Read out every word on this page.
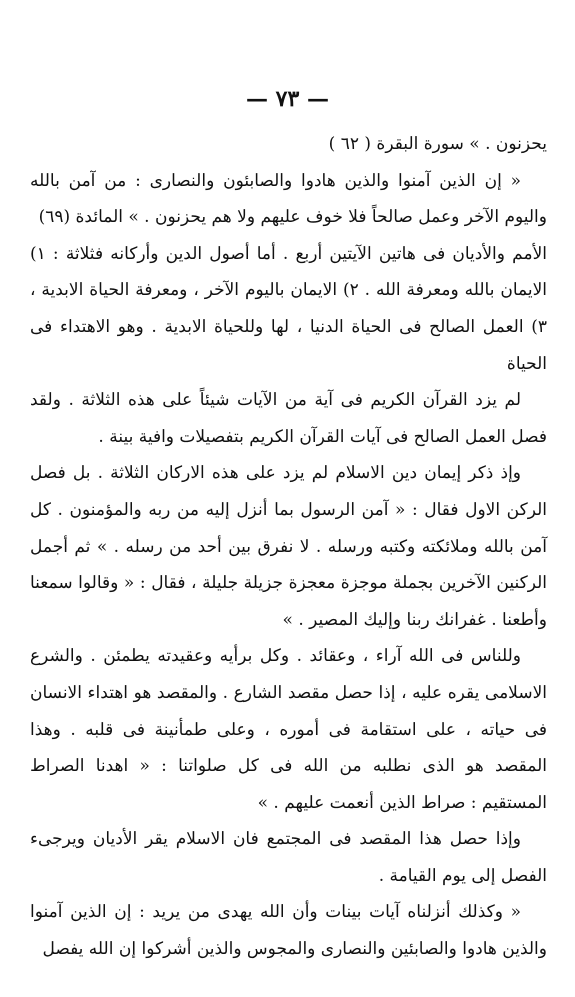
— ٧٣ —

يحزنون . » سورة البقرة ( ٦٢ )

« إن الذين آمنوا والذين هادوا والصابئون والنصارى : من آمن بالله واليوم الآخر وعمل صالحاً فلا خوف عليهم ولا هم يحزنون . » المائدة (٦٩)

الأمم والأديان فى هاتين الآيتين أربع . أما أصول الدين وأركانه فثلاثة : ١) الايمان بالله ومعرفة الله . ٢) الايمان باليوم الآخر ، ومعرفة الحياة الابدية ، ٣) العمل الصالح فى الحياة الدنيا ، لها وللحياة الابدية . وهو الاهتداء فى الحياة

لم يزد القرآن الكريم فى آية من الآيات شيئاً على هذه الثلاثة . ولقد فصل العمل الصالح فى آيات القرآن الكريم بتفصيلات وافية بينة .

وإذ ذكر إيمان دين الاسلام لم يزد على هذه الاركان الثلاثة . بل فصل الركن الاول فقال : « آمن الرسول بما أنزل إليه من ربه والمؤمنون . كل آمن بالله وملائكته وكتبه ورسله . لا نفرق بين أحد من رسله . » ثم أجمل الركنين الآخرين بجملة موجزة معجزة جزيلة جليلة ، فقال : « وقالوا سمعنا وأطعنا . غفرانك ربنا وإليك المصير . »

وللناس فى الله آراء ، وعقائد . وكل برأيه وعقيدته يطمئن . والشرع الاسلامى يقره عليه ، إذا حصل مقصد الشارع . والمقصد هو اهتداء الانسان فى حياته ، على استقامة فى أموره ، وعلى طمأنينة فى قلبه . وهذا المقصد هو الذى نطلبه من الله فى كل صلواتنا : « اهدنا الصراط المستقيم : صراط الذين أنعمت عليهم . »

وإذا حصل هذا المقصد فى المجتمع فان الاسلام يقر الأديان ويرجىء الفصل إلى يوم القيامة .

« وكذلك أنزلناه آيات بينات وأن الله يهدى من يريد : إن الذين آمنوا والذين هادوا والصابئين والنصارى والمجوس والذين أشركوا إن الله يفصل
